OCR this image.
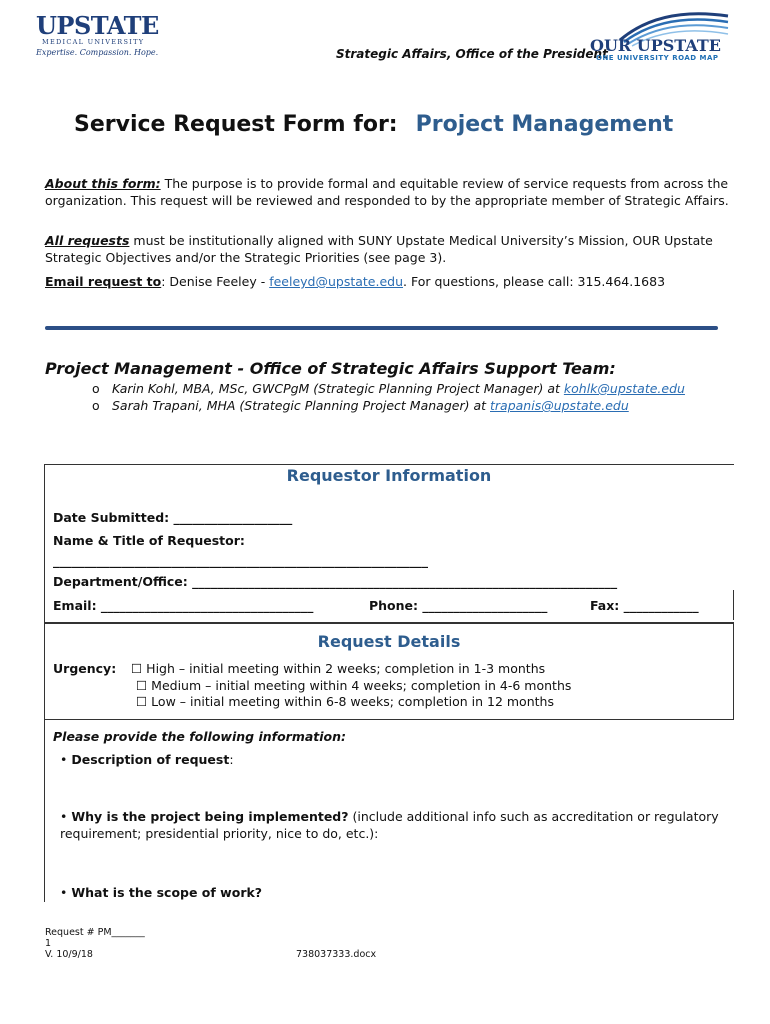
UPSTATE
MEDICAL UNIVERSITY
Expertise. Compassion. Hope.	Strategic Affairs, Office of the President
OUR UPSTATE
ONE UNIVERSITY ROAD MAP
Service Request Form for: Project Management
About this form: The purpose is to provide formal and equitable review of service requests from across the organization. This request will be reviewed and responded to by the appropriate member of Strategic Affairs.
All requests must be institutionally aligned with SUNY Upstate Medical University’s Mission, OUR Upstate Strategic Objectives and/or the Strategic Priorities (see page 3).
Email request to: Denise Feeley - feeleyd@upstate.edu. For questions, please call: 315.464.1683
Project Management - Office of Strategic Affairs Support Team:
o Karin Kohl, MBA, MSc, GWCPgM (Strategic Planning Project Manager) at kohlk@upstate.edu
o Sarah Trapani, MHA (Strategic Planning Project Manager) at trapanis@upstate.edu
Requestor Information
Date Submitted: ___________________
Name & Title of Requestor:
____________________________________________________________
Department/Office: ____________________________________________________________________
Email: __________________________________	Phone: ____________________	Fax: ____________
Request Details
Urgency: ☐ High – initial meeting within 2 weeks; completion in 1-3 months
☐ Medium – initial meeting within 4 weeks; completion in 4-6 months
☐ Low – initial meeting within 6-8 weeks; completion in 12 months
Please provide the following information:
• Description of request:
• Why is the project being implemented? (include additional info such as accreditation or regulatory requirement; presidential priority, nice to do, etc.):
• What is the scope of work?
Request # PM_______
1
V. 10/9/18	738037333.docx
